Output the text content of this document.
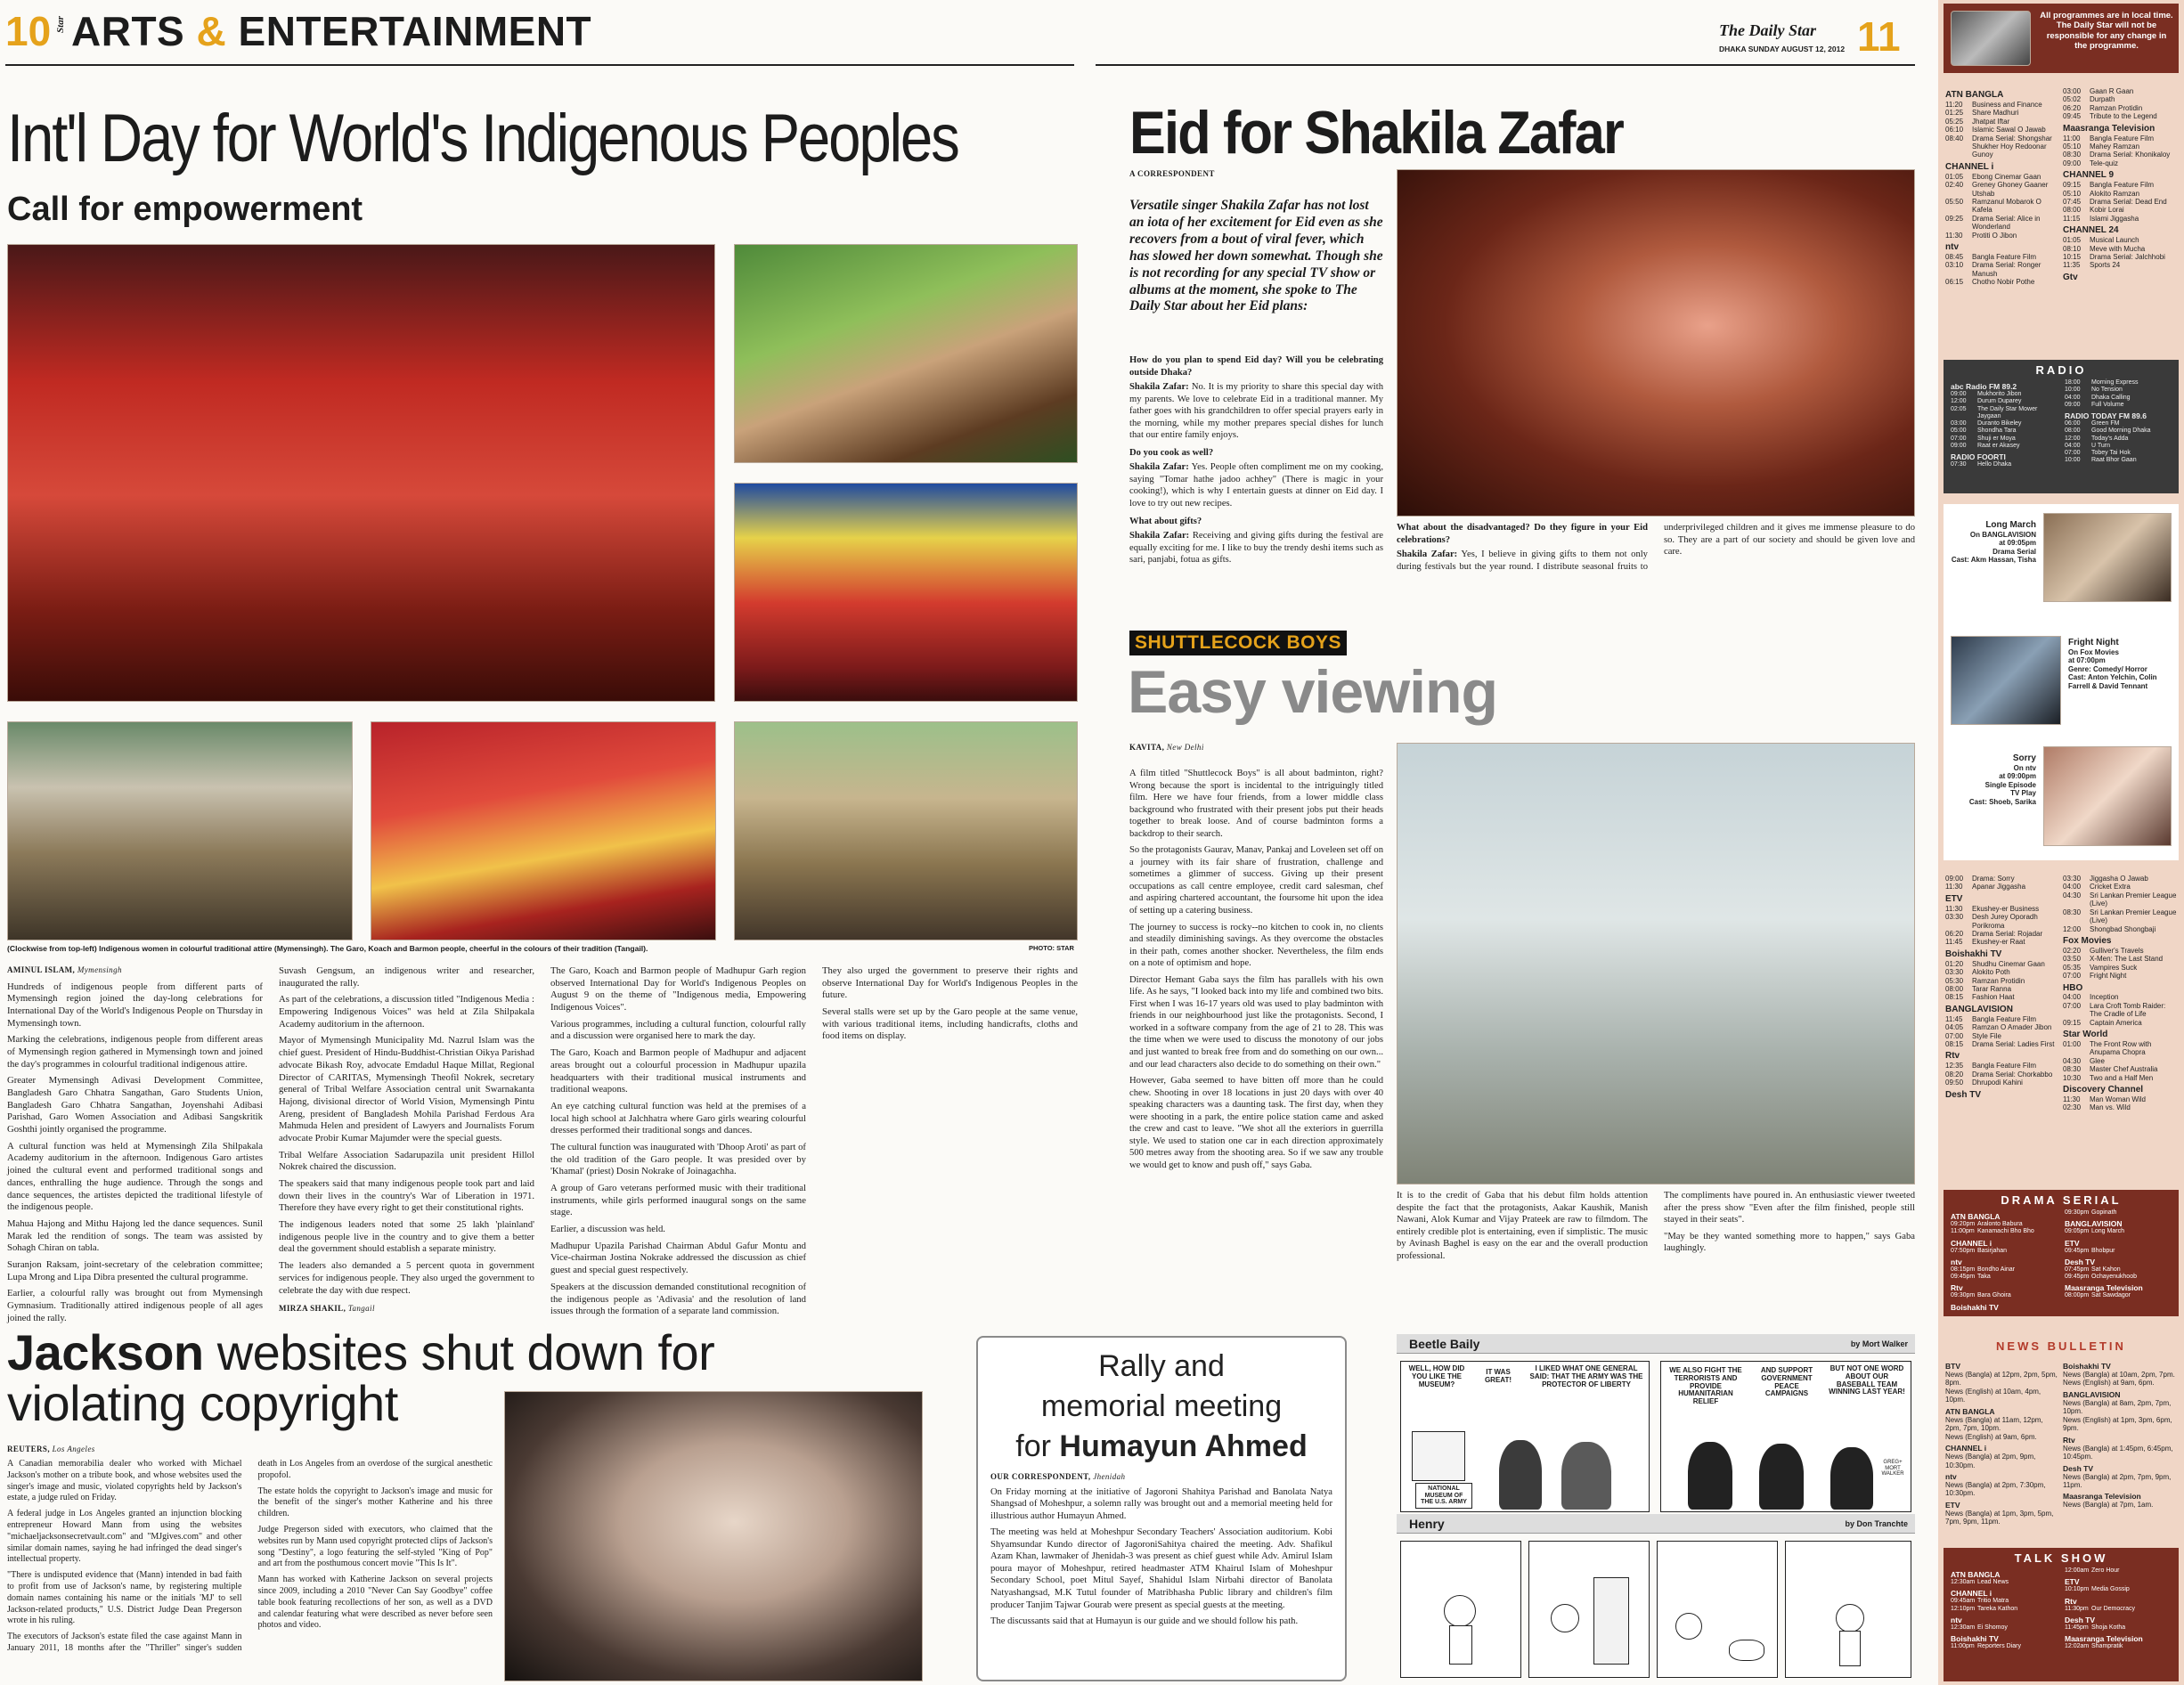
10 Star ARTS & ENTERTAINMENT	The Daily Star
DHAKA SUNDAY AUGUST 12, 2012 11
Int'l Day for World's Indigenous Peoples
Call for empowerment
(Clockwise from top-left) Indigenous women in colourful traditional attire (Mymensingh). The Garo, Koach and Barmon people, cheerful in the colours of their tradition (Tangail).	PHOTO: STAR
AMINUL ISLAM, Mymensingh

Hundreds of indigenous people from different parts of Mymensingh region joined the day-long celebrations for International Day of the World's Indigenous People on Thursday in Mymensingh town.

Marking the celebrations, indigenous people from different areas of Mymensingh region gathered in Mymensingh town and joined the day's programmes in colourful traditional indigenous attire.

Greater Mymensingh Adivasi Development Committee, Bangladesh Garo Chhatra Sangathan, Garo Students Union, Bangladesh Garo Chhatra Sangathan, Joyenshahi Adibasi Parishad, Garo Women Association and Adibasi Sangskritik Goshthi jointly organised the programme.

A cultural function was held at Mymensingh Zila Shilpakala Academy auditorium in the afternoon. Indigenous Garo artistes joined the cultural event and performed traditional songs and dances, enthralling the huge audience. Through the songs and dance sequences, the artistes depicted the traditional lifestyle of the indigenous people.

Mahua Hajong and Mithu Hajong led the dance sequences. Sunil Marak led the rendition of songs. The team was assisted by Sohagh Chiran on tabla.

Suranjon Raksam, joint-secretary of the celebration committee; Lupa Mrong and Lipa Dibra presented the cultural programme.

Earlier, a colourful rally was brought out from Mymensingh Gymnasium. Traditionally attired indigenous people of all ages joined the rally.

Suvash Gengsum, an indigenous writer and researcher, inaugurated the rally.

As part of the celebrations, a discussion titled "Indigenous Media : Empowering Indigenous Voices" was held at Zila Shilpakala Academy auditorium in the afternoon.

Mayor of Mymensingh Municipality Md. Nazrul Islam was the chief guest. President of Hindu-Buddhist-Christian Oikya Parishad advocate Bikash Roy, advocate Emdadul Haque Millat, Regional Director of CARITAS, Mymensingh Theofil Nokrek, secretary general of Tribal Welfare Association central unit Swarnakanta Hajong, divisional director of World Vision, Mymensingh Pintu Areng, president of Bangladesh Mohila Parishad Ferdous Ara Mahmuda Helen and president of Lawyers and Journalists Forum advocate Probir Kumar Majumder were the special guests.

Tribal Welfare Association Sadarupazila unit president Hillol Nokrek chaired the discussion.

The speakers said that many indigenous people took part and laid down their lives in the country's War of Liberation in 1971. Therefore they have every right to get their constitutional rights.

The indigenous leaders noted that some 25 lakh 'plainland' indigenous people live in the country and to give them a better deal the government should establish a separate ministry.

The leaders also demanded a 5 percent quota in government services for indigenous people. They also urged the government to celebrate the day with due respect.

MIRZA SHAKIL, Tangail

The Garo, Koach and Barmon people of Madhupur Garh region observed International Day for World's Indigenous Peoples on August 9 on the theme of "Indigenous media, Empowering Indigenous Voices".

Various programmes, including a cultural function, colourful rally and a discussion were organised here to mark the day.

The Garo, Koach and Barmon people of Madhupur and adjacent areas brought out a colourful procession in Madhupur upazila headquarters with their traditional musical instruments and traditional weapons.

An eye catching cultural function was held at the premises of a local high school at Jalchhatra where Garo girls wearing colourful dresses performed their traditional songs and dances.

The cultural function was inaugurated with 'Dhoop Aroti' as part of the old tradition of the Garo people. It was presided over by 'Khamal' (priest) Dosin Nokrake of Joinagachha.

A group of Garo veterans performed music with their traditional instruments, while girls performed inaugural songs on the same stage.

Earlier, a discussion was held.

Madhupur Upazila Parishad Chairman Abdul Gafur Montu and Vice-chairman Jostina Nokrake addressed the discussion as chief guest and special guest respectively.

Speakers at the discussion demanded constitutional recognition of the indigenous people as 'Adivasia' and the resolution of land issues through the formation of a separate land commission.

They also urged the government to preserve their rights and observe International Day for World's Indigenous Peoples in the future.

Several stalls were set up by the Garo people at the same venue, with various traditional items, including handicrafts, cloths and food items on display.

Eid for Shakila Zafar
A CORRESPONDENT
Versatile singer Shakila Zafar has not lost an iota of her excitement for Eid even as she recovers from a bout of viral fever, which has slowed her down somewhat. Though she is not recording for any special TV show or albums at the moment, she spoke to The Daily Star about her Eid plans:

How do you plan to spend Eid day? Will you be celebrating outside Dhaka?

Shakila Zafar: No. It is my priority to share this special day with my parents. We love to celebrate Eid in a traditional manner. My father goes with his grandchildren to offer special prayers early in the morning, while my mother prepares special dishes for lunch that our entire family enjoys.

Do you cook as well?

Shakila Zafar: Yes. People often compliment me on my cooking, saying "Tomar hathe jadoo achhey" (There is magic in your cooking!), which is why I entertain guests at dinner on Eid day. I love to try out new recipes.

What about gifts?

Shakila Zafar: Receiving and giving gifts during the festival are equally exciting for me. I like to buy the trendy deshi items such as sari, panjabi, fotua as gifts.

What about the disadvantaged? Do they figure in your Eid celebrations?

Shakila Zafar: Yes, I believe in giving gifts to them not only during festivals but the year round. I distribute seasonal fruits to underprivileged children and it gives me immense pleasure to do so. They are a part of our society and should be given love and care.

SHUTTLECOCK BOYS
Easy viewing
KAVITA, New Delhi

A film titled "Shuttlecock Boys" is all about badminton, right? Wrong because the sport is incidental to the intriguingly titled film. Here we have four friends, from a lower middle class background who frustrated with their present jobs put their heads together to break loose. And of course badminton forms a backdrop to their search.

So the protagonists Gaurav, Manav, Pankaj and Loveleen set off on a journey with its fair share of frustration, challenge and sometimes a glimmer of success. Giving up their present occupations as call centre employee, credit card salesman, chef and aspiring chartered accountant, the foursome hit upon the idea of setting up a catering business.

The journey to success is rocky--no kitchen to cook in, no clients and steadily diminishing savings. As they overcome the obstacles in their path, comes another shocker. Nevertheless, the film ends on a note of optimism and hope.

Director Hemant Gaba says the film has parallels with his own life. As he says, "I looked back into my life and combined two bits. First when I was 16-17 years old was used to play badminton with friends in our neighbourhood just like the protagonists. Second, I worked in a software company from the age of 21 to 28. This was the time when we were used to discuss the monotony of our jobs and just wanted to break free from and do something on our own... and our lead characters also decide to do something on their own."

However, Gaba seemed to have bitten off more than he could chew. Shooting in over 18 locations in just 20 days with over 40 speaking characters was a daunting task. The first day, when they were shooting in a park, the entire police station came and asked the crew and cast to leave. "We shot all the exteriors in guerrilla style. We used to station one car in each direction approximately 500 metres away from the shooting area. So if we saw any trouble we would get to know and push off," says Gaba.

It is to the credit of Gaba that his debut film holds attention despite the fact that the protagonists, Aakar Kaushik, Manish Nawani, Alok Kumar and Vijay Prateek are raw to filmdom. The entirely credible plot is entertaining, even if simplistic. The music by Avinash Baghel is easy on the ear and the overall production professional.

The compliments have poured in. An enthusiastic viewer tweeted after the press show "Even after the film finished, people still stayed in their seats".

"May be they wanted something more to happen," says Gaba laughingly.

Jackson websites shut down for violating copyright
REUTERS, Los Angeles

A Canadian memorabilia dealer who worked with Michael Jackson's mother on a tribute book, and whose websites used the singer's image and music, violated copyrights held by Jackson's estate, a judge ruled on Friday.

A federal judge in Los Angeles granted an injunction blocking entrepreneur Howard Mann from using the websites "michaeljacksonsecretvault.com" and "MJgives.com" and other similar domain names, saying he had infringed the dead singer's intellectual property.

"There is undisputed evidence that (Mann) intended in bad faith to profit from use of Jackson's name, by registering multiple domain names containing his name or the initials 'MJ' to sell Jackson-related products," U.S. District Judge Dean Pregerson wrote in his ruling.

The executors of Jackson's estate filed the case against Mann in January 2011, 18 months after the "Thriller" singer's sudden death in Los Angeles from an overdose of the surgical anesthetic propofol.

The estate holds the copyright to Jackson's image and music for the benefit of the singer's mother Katherine and his three children.

Judge Pregerson sided with executors, who claimed that the websites run by Mann used copyright protected clips of Jackson's song "Destiny", a logo featuring the self-styled "King of Pop" and art from the posthumous concert movie "This Is It".

Mann has worked with Katherine Jackson on several projects since 2009, including a 2010 "Never Can Say Goodbye" coffee table book featuring recollections of her son, as well as a DVD and calendar featuring what were described as never before seen photos and video.

Rally and
memorial meeting
for Humayun Ahmed
OUR CORRESPONDENT, Jhenidah

On Friday morning at the initiative of Jagoroni Shahitya Parishad and Banolata Natya Shangsad of Moheshpur, a solemn rally was brought out and a memorial meeting held for illustrious author Humayun Ahmed.

The meeting was held at Moheshpur Secondary Teachers' Association auditorium. Kobi Shyamsundar Kundo director of JagoroniSahitya chaired the meeting. Adv. Shafikul Azam Khan, lawmaker of Jhenidah-3 was present as chief guest while Adv. Amirul Islam poura mayor of Moheshpur, retired headmaster ATM Khairul Islam of Moheshpur Secondary School, poet Mitul Sayef, Shahidul Islam Nirbahi director of Banolata Natyashangsad, M.K Tutul founder of Matribhasha Public library and children's film producer Tanjim Tajwar Gourab were present as special guests at the meeting.

The discussants said that at Humayun is our guide and we should follow his path.

Beetle Baily	by Mort Walker
WELL, HOW DID YOU LIKE THE MUSEUM?
IT WAS GREAT!
I LIKED WHAT ONE GENERAL SAID: THAT THE ARMY WAS THE PROTECTOR OF LIBERTY
NATIONAL MUSEUM OF THE U.S. ARMY
WE ALSO FIGHT THE TERRORISTS AND PROVIDE HUMANITARIAN RELIEF
AND SUPPORT GOVERNMENT PEACE CAMPAIGNS
BUT NOT ONE WORD ABOUT OUR BASEBALL TEAM WINNING LAST YEAR!
GREG+ MORT WALKER
Henry	by Don Tranchte
All programmes are in local time. The Daily Star will not be responsible for any change in the programme.
ATN BANGLA
11:20	Business and Finance
01:25	Share Madhuri
05:25	Jhatpat Iftar
06:10	Islamic Sawal O Jawab
08:40	Drama Serial: Shongshar Shukher Hoy Redoonar Gunoy
CHANNEL i
01:05	Ebong Cinemar Gaan
02:40	Greney Ghoney Gaaner Utshab
05:50	Ramzanul Mobarok O Kafela
09:25	Drama Serial: Alice in Wonderland
11:30	Protiti O Jibon
ntv
08:45	Bangla Feature Film
03:10	Drama Serial: Ronger Manush
06:15	Chotho Nobir Pothe
03:00	Gaan R Gaan
05:02	Durpath
06:20	Ramzan Protidin
09:45	Tribute to the Legend
Maasranga Television
11:00	Bangla Feature Film
05:10	Mahey Ramzan
08:30	Drama Serial: Khonikaloy
09:00	Tele-quiz
CHANNEL 9
09:15	Bangla Feature Film
05:10	Alokito Ramzan
07:45	Drama Serial: Dead End
08:00	Kobir Lorai
11:15	Islami Jiggasha
CHANNEL 24
01:05	Musical Launch
08:10	Meve with Mucha
10:15	Drama Serial: Jalchhobi
11:35	Sports 24
Gtv
RADIO
abc Radio FM 89.2
09:00	Mukhorito Jibon
12:00	Durum Duparey
02:05	The Daily Star Mower Jaygaan
03:00	Duranto Bikeley
05:00	Shondha Tara
07:00	Shuji er Moya
09:00	Raat er Akasey
RADIO FOORTI
07:30	Hello Dhaka
18:00	Morning Express
10:00	No Tension
04:00	Dhaka Calling
09:00	Full Volume
RADIO TODAY FM 89.6
06:00	Green FM
08:00	Good Morning Dhaka
12:00	Today's Adda
04:00	U Turn
07:00	Tobey Tai Hok
10:00	Raat Bhor Gaan
Long March
On BANGLAVISION
at 09:05pm
Drama Serial
Cast: Akm Hassan, Tisha
Fright Night
On Fox Movies
at 07:00pm
Genre: Comedy/ Horror
Cast: Anton Yelchin, Colin Farrell & David Tennant
Sorry
On ntv
at 09:00pm
Single Episode
TV Play
Cast: Shoeb, Sarika
09:00	Drama: Sorry
11:30	Apanar Jiggasha
ETV
11:30	Ekushey-er Business
03:30	Desh Jurey Oporadh Porikroma
06:20	Drama Serial: Rojadar
11:45	Ekushey-er Raat
Boishakhi TV
01:20	Shudhu Cinemar Gaan
03:30	Alokito Poth
05:30	Ramzan Protidin
08:00	Tarar Ranna
08:15	Fashion Haat
BANGLAVISION
11:45	Bangla Feature Film
04:05	Ramzan O Amader Jibon
07:00	Style File
08:15	Drama Serial: Ladies First
Rtv
12:35	Bangla Feature Film
08:20	Drama Serial: Chorkabbo
09:50	Dhrupodi Kahini
Desh TV
03:30	Jiggasha O Jawab
04:00	Cricket Extra
04:30	Sri Lankan Premier League (Live)
08:30	Sri Lankan Premier League (Live)
12:00	Shongbad Shongbaji
Fox Movies
02:20	Gulliver's Travels
03:50	X-Men: The Last Stand
05:35	Vampires Suck
07:00	Fright Night
HBO
04:00	Inception
07:00	Lara Croft Tomb Raider: The Cradle of Life
09:15	Captain America
Star World
01:00	The Front Row with Anupama Chopra
04:30	Glee
08:30	Master Chef Australia
10:30	Two and a Half Men
Discovery Channel
11:30	Man Woman Wild
02:30	Man vs. Wild
DRAMA SERIAL
ATN BANGLA
09:20pm Aralonto Babura
11:00pm Kanamachi Bho Bho
CHANNEL i
07:50pm Basirjahan
ntv
08:15pm Bondho Ainar
09:45pm Taka
Rtv
09:30pm Bara Ghoira
Boishakhi TV
09:30pm Gopinath
BANGLAVISION
09:05pm Long March
ETV
09:45pm Bhobpur
Desh TV
07:45pm Sat Kahon
09:45pm Ochayenukhoob
Maasranga Television
08:00pm Sat Sawdagor
NEWS BULLETIN
BTV
News (Bangla) at 12pm, 2pm, 5pm, 8pm.
News (English) at 10am, 4pm, 10pm.
ATN BANGLA
News (Bangla) at 11am, 12pm, 2pm, 7pm, 10pm.
News (English) at 9am, 6pm.
CHANNEL i
News (Bangla) at 2pm, 9pm, 10:30pm.
ntv
News (Bangla) at 2pm, 7:30pm, 10:30pm.
ETV
News (Bangla) at 1pm, 3pm, 5pm, 7pm, 9pm, 11pm.
Boishakhi TV
News (Bangla) at 10am, 2pm, 7pm.
News (English) at 9am, 6pm.
BANGLAVISION
News (Bangla) at 8am, 2pm, 7pm, 10pm.
News (English) at 1pm, 3pm, 6pm, 9pm.
Rtv
News (Bangla) at 1:45pm, 6:45pm, 10:45pm.
Desh TV
News (Bangla) at 2pm, 7pm, 9pm, 11pm.
Maasranga Television
News (Bangla) at 7pm, 1am.
TALK SHOW
ATN BANGLA
12:30am Lead News
CHANNEL i
09:45am Tritio Matra
12:10pm Tareka Kathon
ntv
12:30am Ei Shomoy
Boishakhi TV
11:00pm Reporters Diary
12:00am Zero Hour
ETV
10:10pm Media Gossip
Rtv
11:30pm Our Democracy
Desh TV
11:45pm Shoja Kotha
Maasranga Television
12:02am Shampratik
